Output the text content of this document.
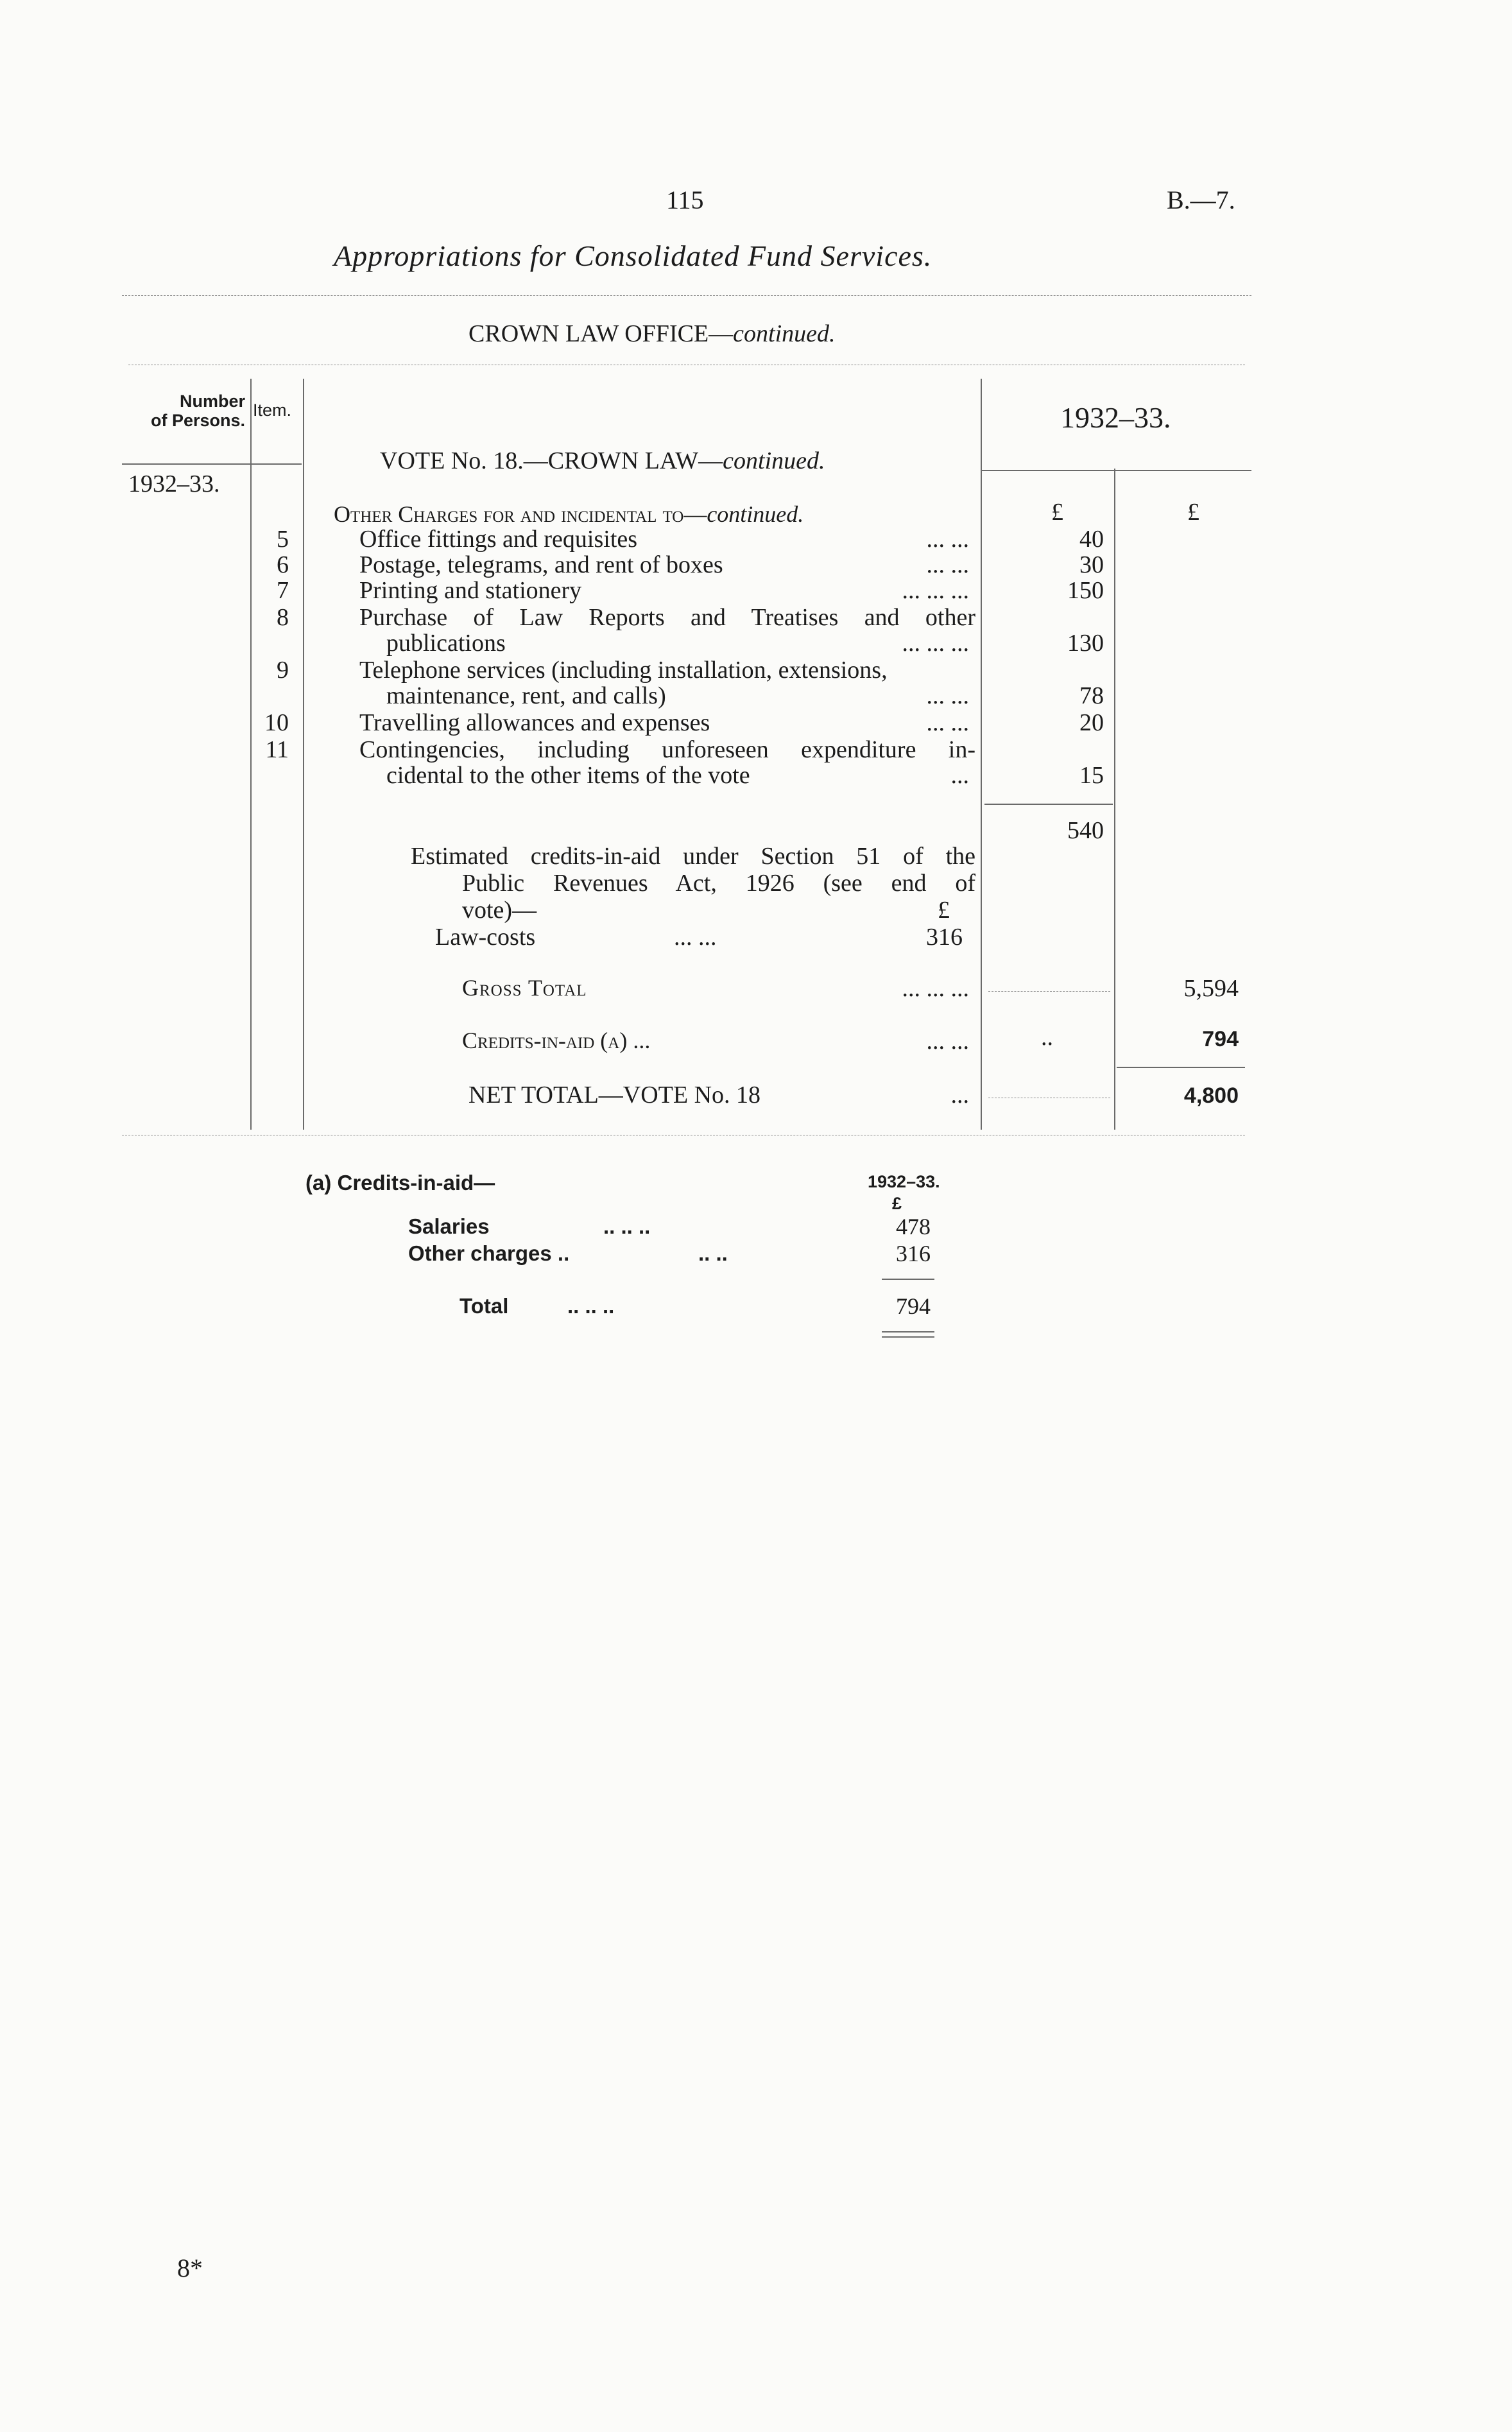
115	B.—7.
Appropriations for Consolidated Fund Services.
CROWN LAW OFFICE—continued.
Number
of Persons.
Item.	1932–33.
1932–33.
VOTE No. 18.—CROWN LAW—continued.
Other Charges for and incidental to—continued.	£	£
5	Office fittings and requisites	... ...	40
6	Postage, telegrams, and rent of boxes	... ...	30
7	Printing and stationery	... ... ...	150
8	Purchase of Law Reports and Treatises and other
publications	... ... ...	130
9	Telephone services (including installation, extensions,
maintenance, rent, and calls)	... ...	78
10	Travelling allowances and expenses	... ...	20
11	Contingencies, including unforeseen expenditure in-
cidental to the other items of the vote	...	15
540
Estimated credits-in-aid under Section 51 of the
Public Revenues Act, 1926 (see end of
vote)—	£
Law-costs	... ...	316
Gross Total	... ... ...	5,594
Credits-in-aid (a) ...	... ...	..	794
NET TOTAL—VOTE No. 18	...	4,800
(a) Credits-in-aid—	1932–33.
£
Salaries	.. .. ..	478
Other charges ..	.. ..	316
Total	.. .. ..	794
8*
